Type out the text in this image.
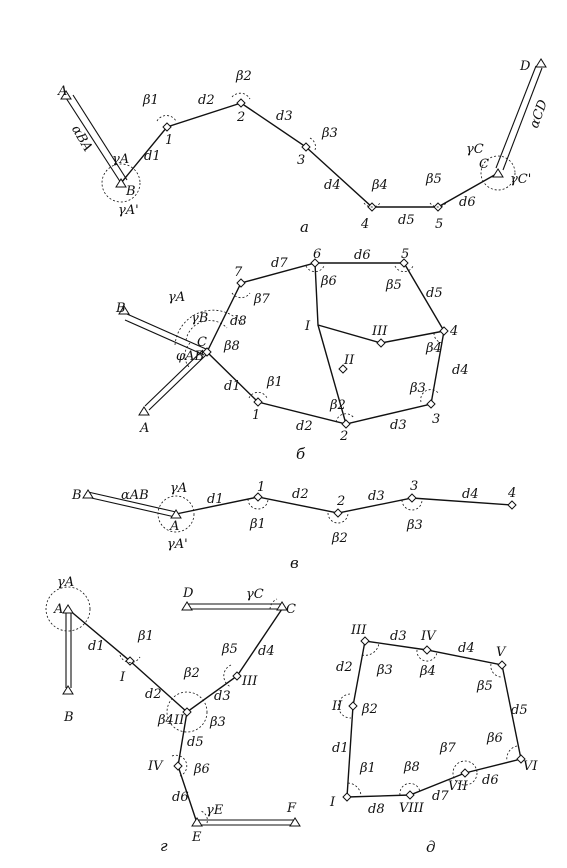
A
B
1
2
3
4	5
C
D
d1
d2
d3
d4
d5
d6
β1
β2
β3
β4	β5
αBA
αCD
γA
γA'
γC
γC'
а
B
A
C
1
2
3
4
5
6
7
I
II
III
d1
d2	d3
d4
d5
d6
d7
d8
β1
β2
β3
β4
β5
β6
β7
β8
γA
γB
φAB
б
B
A
1
2
3	4
d1	d2	d3	d4
β1
β2
β3
αAB γA
γA'
в
A
B
I
II
III
C
D
IV
E
F
d1
d2	d3
d4
d5
d6
β1
β2
β3
β4
β5
β6
γA
γC
γE
г
I
II
III	IV
V
VI
VII
VIII
d1
d2
d3
d4
d5
d6
d7
d8
β1
β2
β3 β4
β5
β6
β7
β8
д
